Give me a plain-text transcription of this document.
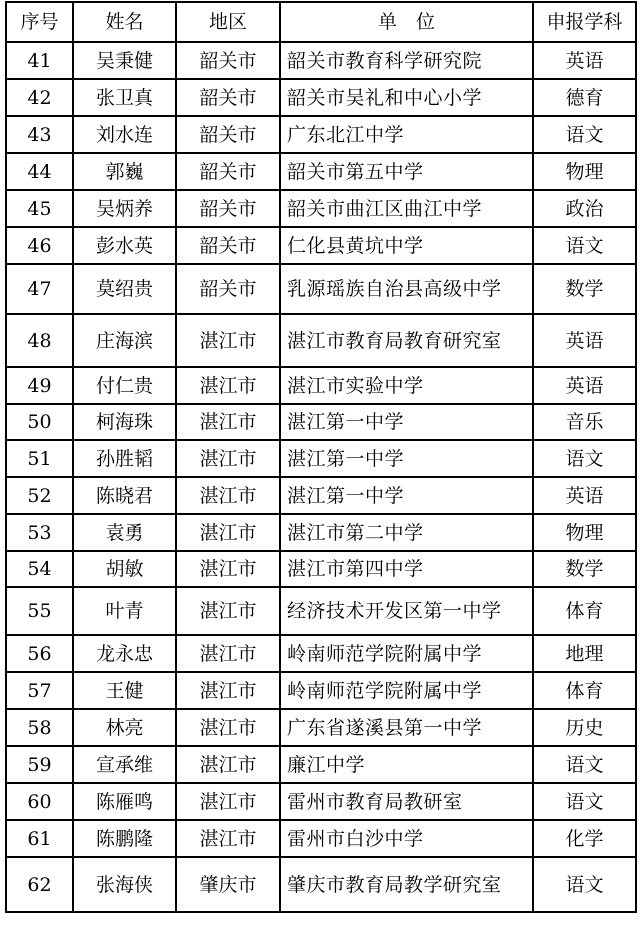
序号	姓名	地区	单　位	申报学科
41	吴秉健	韶关市	韶关市教育科学研究院	英语
42	张卫真	韶关市	韶关市吴礼和中心小学	德育
43	刘水连	韶关市	广东北江中学	语文
44	郭巍	韶关市	韶关市第五中学	物理
45	吴炳养	韶关市	韶关市曲江区曲江中学	政治
46	彭水英	韶关市	仁化县黄坑中学	语文
47	莫绍贵	韶关市	乳源瑶族自治县高级中学	数学
48	庄海滨	湛江市	湛江市教育局教育研究室	英语
49	付仁贵	湛江市	湛江市实验中学	英语
50	柯海珠	湛江市	湛江第一中学	音乐
51	孙胜韬	湛江市	湛江第一中学	语文
52	陈晓君	湛江市	湛江第一中学	英语
53	袁勇	湛江市	湛江市第二中学	物理
54	胡敏	湛江市	湛江市第四中学	数学
55	叶青	湛江市	经济技术开发区第一中学	体育
56	龙永忠	湛江市	岭南师范学院附属中学	地理
57	王健	湛江市	岭南师范学院附属中学	体育
58	林亮	湛江市	广东省遂溪县第一中学	历史
59	宣承维	湛江市	廉江中学	语文
60	陈雁鸣	湛江市	雷州市教育局教研室	语文
61	陈鹏隆	湛江市	雷州市白沙中学	化学
62	张海侠	肇庆市	肇庆市教育局教学研究室	语文
